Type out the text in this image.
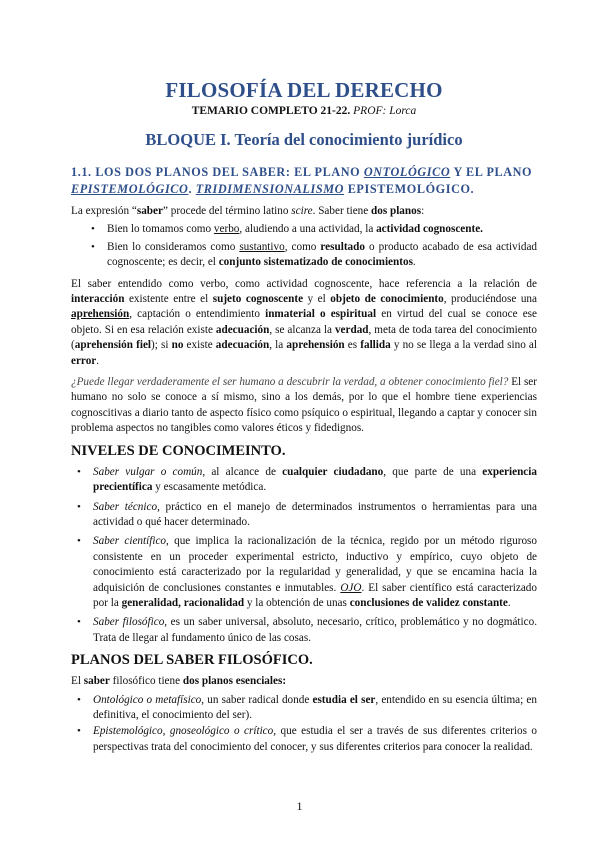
FILOSOFÍA DEL DERECHO
TEMARIO COMPLETO 21-22. PROF: Lorca
BLOQUE I. Teoría del conocimiento jurídico
1.1. LOS DOS PLANOS DEL SABER: EL PLANO ONTOLÓGICO Y EL PLANO EPISTEMOLÓGICO. TRIDIMENSIONALISMO EPISTEMOLÓGICO.

La expresión “saber” procede del término latino scire. Saber tiene dos planos:

• Bien lo tomamos como verbo, aludiendo a una actividad, la actividad cognoscente.
• Bien lo consideramos como sustantivo, como resultado o producto acabado de esa actividad cognoscente; es decir, el conjunto sistematizado de conocimientos.

El saber entendido como verbo, como actividad cognoscente, hace referencia a la relación de interacción existente entre el sujeto cognoscente y el objeto de conocimiento, produciéndose una aprehensión, captación o entendimiento inmaterial o espiritual en virtud del cual se conoce ese objeto. Si en esa relación existe adecuación, se alcanza la verdad, meta de toda tarea del conocimiento (aprehensión fiel); si no existe adecuación, la aprehensión es fallida y no se llega a la verdad sino al error.

¿Puede llegar verdaderamente el ser humano a descubrir la verdad, a obtener conocimiento fiel? El ser humano no solo se conoce a sí mismo, sino a los demás, por lo que el hombre tiene experiencias cognoscitivas a diario tanto de aspecto físico como psíquico o espiritual, llegando a captar y conocer sin problema aspectos no tangibles como valores éticos y fidedignos.

NIVELES DE CONOCIMEINTO.
• Saber vulgar o común, al alcance de cualquier ciudadano, que parte de una experiencia precientífica y escasamente metódica.
• Saber técnico, práctico en el manejo de determinados instrumentos o herramientas para una actividad o qué hacer determinado.
• Saber científico, que implica la racionalización de la técnica, regido por un método riguroso consistente en un proceder experimental estricto, inductivo y empírico, cuyo objeto de conocimiento está caracterizado por la regularidad y generalidad, y que se encamina hacia la adquisición de conclusiones constantes e inmutables. OJO. El saber científico está caracterizado por la generalidad, racionalidad y la obtención de unas conclusiones de validez constante.
• Saber filosófico, es un saber universal, absoluto, necesario, crítico, problemático y no dogmático. Trata de llegar al fundamento único de las cosas.
PLANOS DEL SABER FILOSÓFICO.

El saber filosófico tiene dos planos esenciales:

• Ontológico o metafísico, un saber radical donde estudia el ser, entendido en su esencia última; en definitiva, el conocimiento del ser).
• Epistemológico, gnoseológico o crítico, que estudia el ser a través de sus diferentes criterios o perspectivas trata del conocimiento del conocer, y sus diferentes criterios para conocer la realidad.
1
